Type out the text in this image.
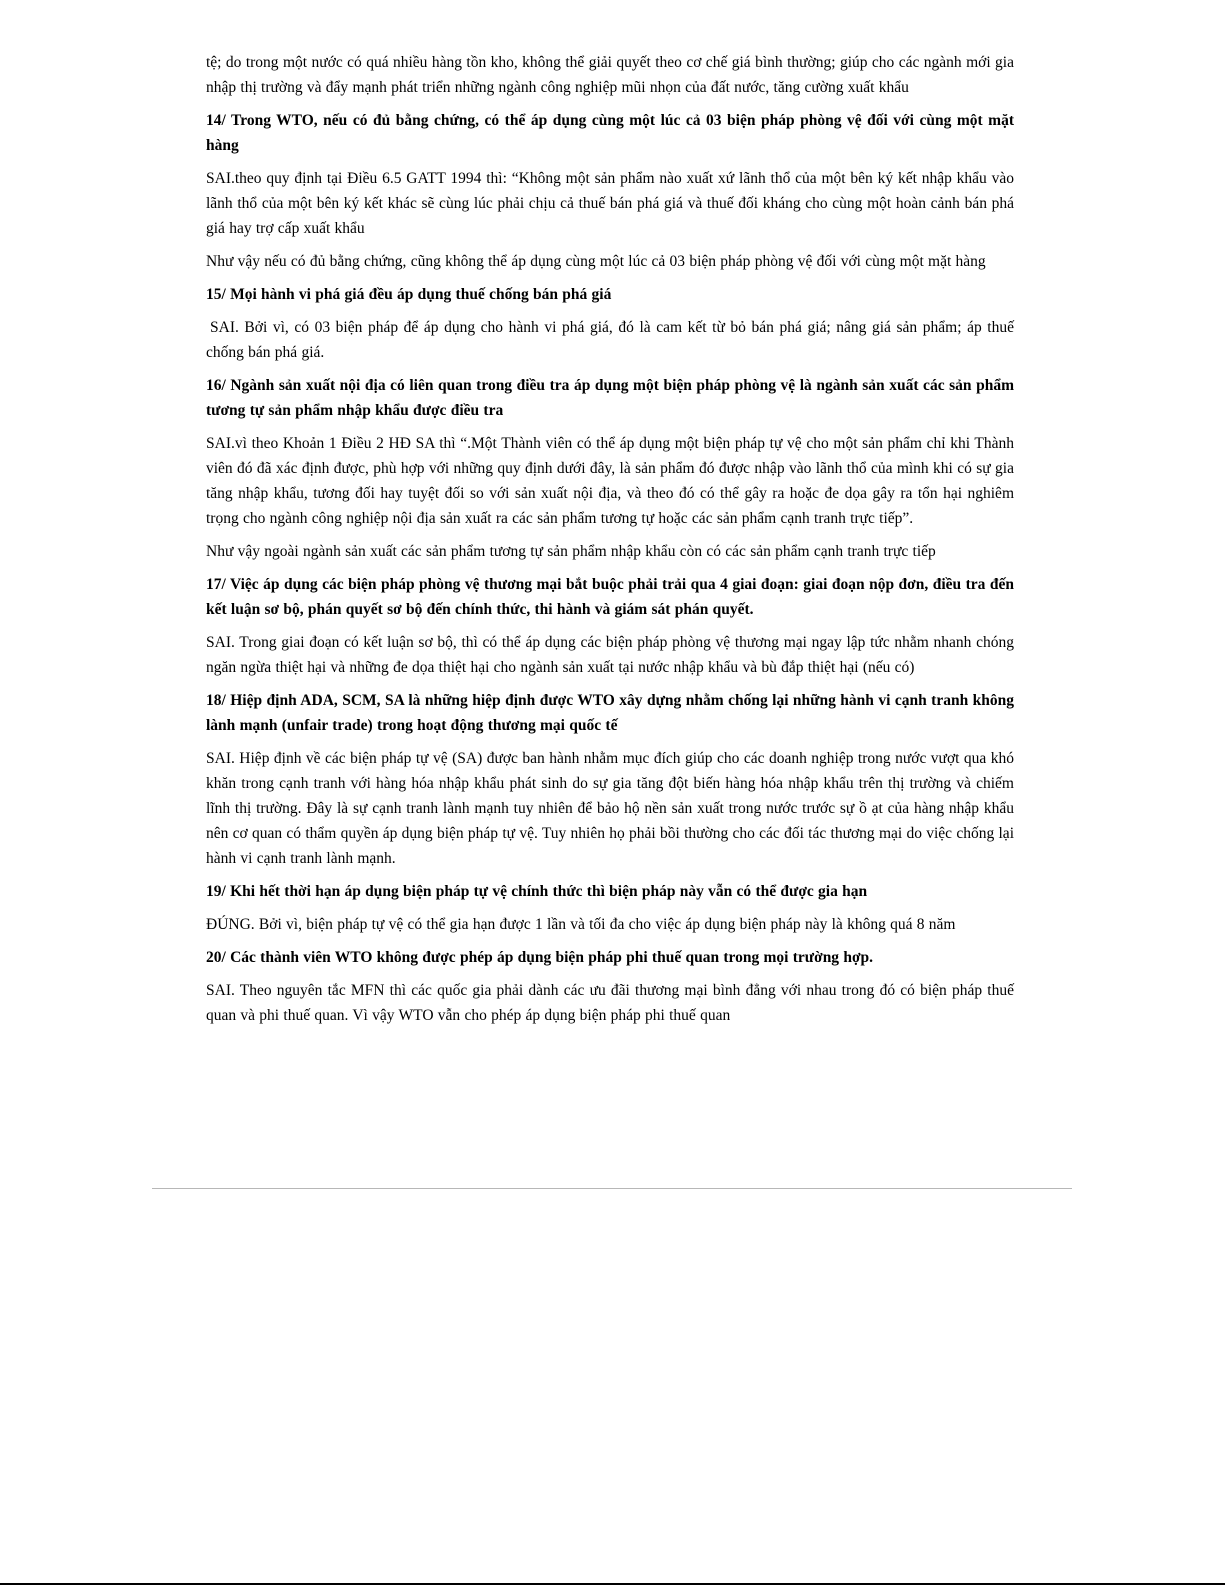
tệ; do trong một nước có quá nhiều hàng tồn kho, không thể giải quyết theo cơ chế giá bình thường; giúp cho các ngành mới gia nhập thị trường và đẩy mạnh phát triển những ngành công nghiệp mũi nhọn của đất nước, tăng cường xuất khẩu

14/ Trong WTO, nếu có đủ bằng chứng, có thể áp dụng cùng một lúc cả 03 biện pháp phòng vệ đối với cùng một mặt hàng

SAI.theo quy định tại Điều 6.5 GATT 1994 thì: “Không một sản phẩm nào xuất xứ lãnh thổ của một bên ký kết nhập khẩu vào lãnh thổ của một bên ký kết khác sẽ cùng lúc phải chịu cả thuế bán phá giá và thuế đối kháng cho cùng một hoàn cảnh bán phá giá hay trợ cấp xuất khẩu

Như vậy nếu có đủ bằng chứng, cũng không thể áp dụng cùng một lúc cả 03 biện pháp phòng vệ đối với cùng một mặt hàng

15/ Mọi hành vi phá giá đều áp dụng thuế chống bán phá giá

SAI. Bởi vì, có 03 biện pháp để áp dụng cho hành vi phá giá, đó là cam kết từ bỏ bán phá giá; nâng giá sản phẩm; áp thuế chống bán phá giá.

16/ Ngành sản xuất nội địa có liên quan trong điều tra áp dụng một biện pháp phòng vệ là ngành sản xuất các sản phẩm tương tự sản phẩm nhập khẩu được điều tra

SAI.vì theo Khoản 1 Điều 2 HĐ SA thì “.Một Thành viên có thể áp dụng một biện pháp tự vệ cho một sản phẩm chỉ khi Thành viên đó đã xác định được, phù hợp với những quy định dưới đây, là sản phẩm đó được nhập vào lãnh thổ của mình khi có sự gia tăng nhập khẩu, tương đối hay tuyệt đối so với sản xuất nội địa, và theo đó có thể gây ra hoặc đe dọa gây ra tổn hại nghiêm trọng cho ngành công nghiệp nội địa sản xuất ra các sản phẩm tương tự hoặc các sản phẩm cạnh tranh trực tiếp”.

Như vậy ngoài ngành sản xuất các sản phẩm tương tự sản phẩm nhập khẩu còn có các sản phẩm cạnh tranh trực tiếp

17/ Việc áp dụng các biện pháp phòng vệ thương mại bắt buộc phải trải qua 4 giai đoạn: giai đoạn nộp đơn, điều tra đến kết luận sơ bộ, phán quyết sơ bộ đến chính thức, thi hành và giám sát phán quyết.

SAI. Trong giai đoạn có kết luận sơ bộ, thì có thể áp dụng các biện pháp phòng vệ thương mại ngay lập tức nhằm nhanh chóng ngăn ngừa thiệt hại và những đe dọa thiệt hại cho ngành sản xuất tại nước nhập khẩu và bù đắp thiệt hại (nếu có)

18/ Hiệp định ADA, SCM, SA là những hiệp định được WTO xây dựng nhằm chống lại những hành vi cạnh tranh không lành mạnh (unfair trade) trong hoạt động thương mại quốc tế

SAI. Hiệp định về các biện pháp tự vệ (SA) được ban hành nhằm mục đích giúp cho các doanh nghiệp trong nước vượt qua khó khăn trong cạnh tranh với hàng hóa nhập khẩu phát sinh do sự gia tăng đột biến hàng hóa nhập khẩu trên thị trường và chiếm lĩnh thị trường. Đây là sự cạnh tranh lành mạnh tuy nhiên để bảo hộ nền sản xuất trong nước trước sự ồ ạt của hàng nhập khẩu nên cơ quan có thẩm quyền áp dụng biện pháp tự vệ. Tuy nhiên họ phải bồi thường cho các đối tác thương mại do việc chống lại hành vi cạnh tranh lành mạnh.

19/ Khi hết thời hạn áp dụng biện pháp tự vệ chính thức thì biện pháp này vẫn có thể được gia hạn

ĐÚNG. Bởi vì, biện pháp tự vệ có thể gia hạn được 1 lần và tối đa cho việc áp dụng biện pháp này là không quá 8 năm

20/ Các thành viên WTO không được phép áp dụng biện pháp phi thuế quan trong mọi trường hợp.

SAI. Theo nguyên tắc MFN thì các quốc gia phải dành các ưu đãi thương mại bình đẳng với nhau trong đó có biện pháp thuế quan và phi thuế quan. Vì vậy WTO vẫn cho phép áp dụng biện pháp phi thuế quan
